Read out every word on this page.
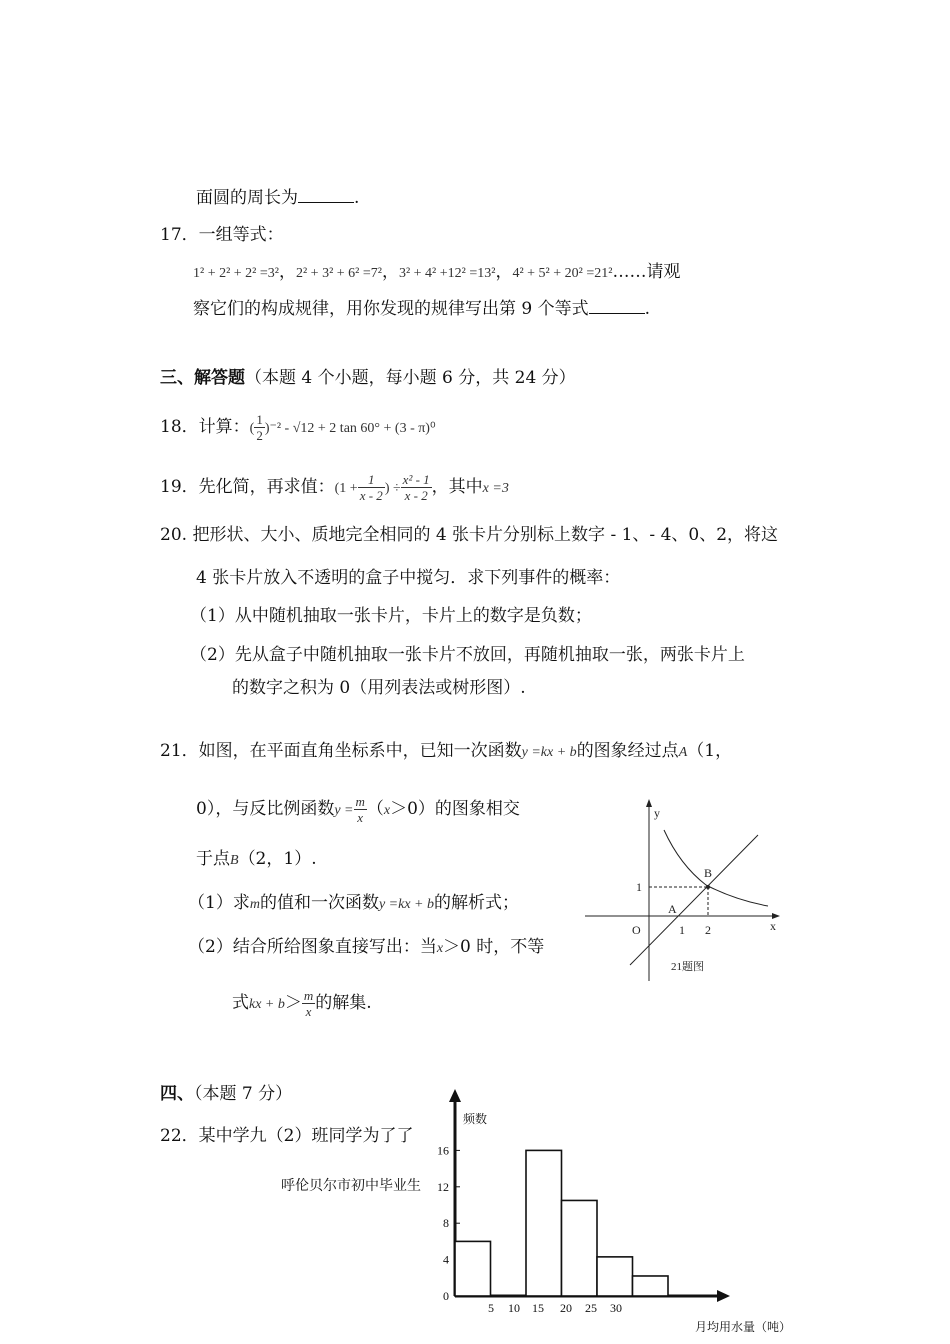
面圆的周长为	.
17．一组等式：
1² + 2² + 2² =3²，2² + 3² + 6² =7²，3² + 4² +12² =13²，4² + 5² + 20² =21²……请观
察它们的构成规律，用你发现的规律写出第 9 个等式	.
三、解答题（本题 4 个小题，每小题 6 分，共 24 分）
18．计算：( $\frac{1}{2} )^{-2} - √12 + 2$ tan 60° + (3 - π)⁰
19．先化简，再求值：($1 + \frac{1}{x - 2}$ ) ÷ $\frac{\text{x² - 1}}{x - 2}$ ，其中x =3
20. 把形状、大小、质地完全相同的 4 张卡片分别标上数字 - 1、- 4、0、2，将这
4 张卡片放入不透明的盒子中搅匀．求下列事件的概率：
（1）从中随机抽取一张卡片，卡片上的数字是负数；
（2）先从盒子中随机抽取一张卡片不放回，再随机抽取一张，两张卡片上
的数字之积为 0（用列表法或树形图）.
21．如图，在平面直角坐标系中，已知一次函数y =kx + b的图象经过点A（1，
0），与反比例函数$y = \frac{m}{x} (x>0)$的图象相交
于点B（2，1）.
（1）求m的值和一次函数y =kx + b的解析式；
（2）结合所给图象直接写出：当x＞0 时，不等
式kx + $b> \frac{m}{x}$ 的解集.
y
x
O	1 2
1
A
B
21题图
四、（本题 7 分）
22．某中学九（2）班同学为了了
呼伦贝尔市初中毕业生
频数
月均用水量（吨）
0
4
8
12
16
5 10 15 20 25 30
